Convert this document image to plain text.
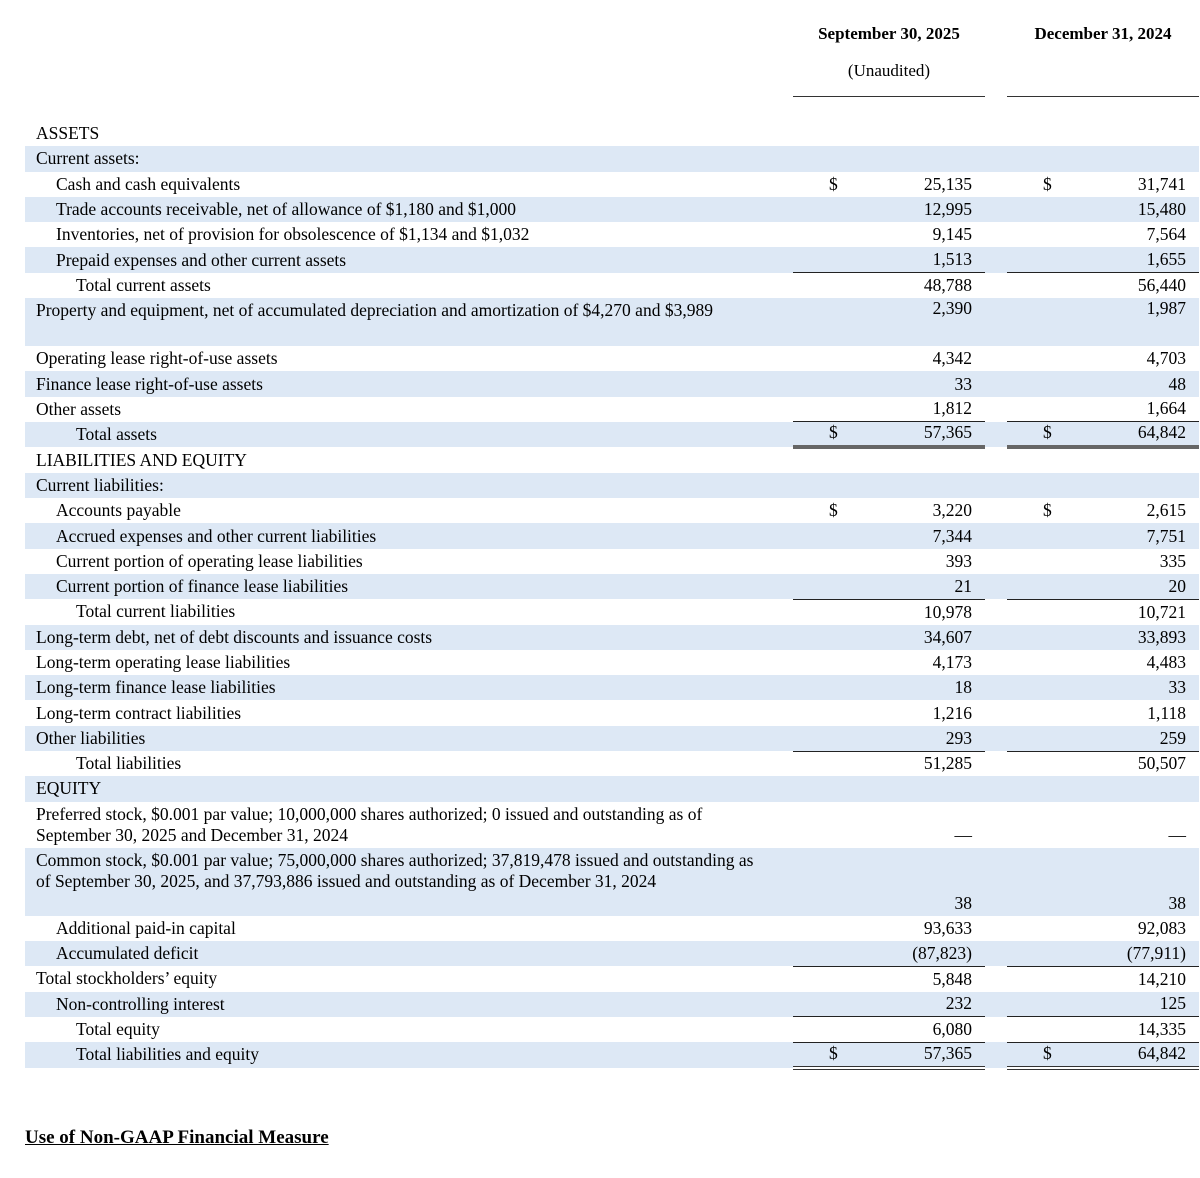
September 30, 2025
(Unaudited)
December 31, 2024
ASSETS		

Current assets:		

Cash and cash equivalents		$ 25,135		$ 31,741

Trade accounts receivable, net of allowance of $1,180 and $1,000		12,995		15,480

Inventories, net of provision for obsolescence of $1,134 and $1,032		9,145		7,564

Prepaid expenses and other current assets		1,513		1,655

Total current assets		48,788		56,440

Property and equipment, net of accumulated depreciation and amortization of $4,270 and $3,989		2,390		1,987

Operating lease right-of-use assets		4,342		4,703

Finance lease right-of-use assets		33		48

Other assets		1,812		1,664

Total assets		$ 57,365		$ 64,842

LIABILITIES AND EQUITY		

Current liabilities:		

Accounts payable		$ 3,220		$ 2,615

Accrued expenses and other current liabilities		7,344		7,751

Current portion of operating lease liabilities		393		335

Current portion of finance lease liabilities		21		20

Total current liabilities		10,978		10,721

Long-term debt, net of debt discounts and issuance costs		34,607		33,893

Long-term operating lease liabilities		4,173		4,483

Long-term finance lease liabilities		18		33

Long-term contract liabilities		1,216		1,118

Other liabilities		293		259

Total liabilities		51,285		50,507

EQUITY		

Preferred stock, $0.001 par value; 10,000,000 shares authorized; 0 issued and outstanding as of September 30, 2025 and December 31, 2024		—		—

Common stock, $0.001 par value; 75,000,000 shares authorized; 37,819,478 issued and outstanding as of September 30, 2025, and 37,793,886 issued and outstanding as of December 31, 2024		38		38

Additional paid-in capital		93,633		92,083

Accumulated deficit		(87,823)		(77,911)

Total stockholders’ equity		5,848		14,210

Non-controlling interest		232		125

Total equity		6,080		14,335

Total liabilities and equity		$ 57,365		$ 64,842
Use of Non-GAAP Financial Measure
